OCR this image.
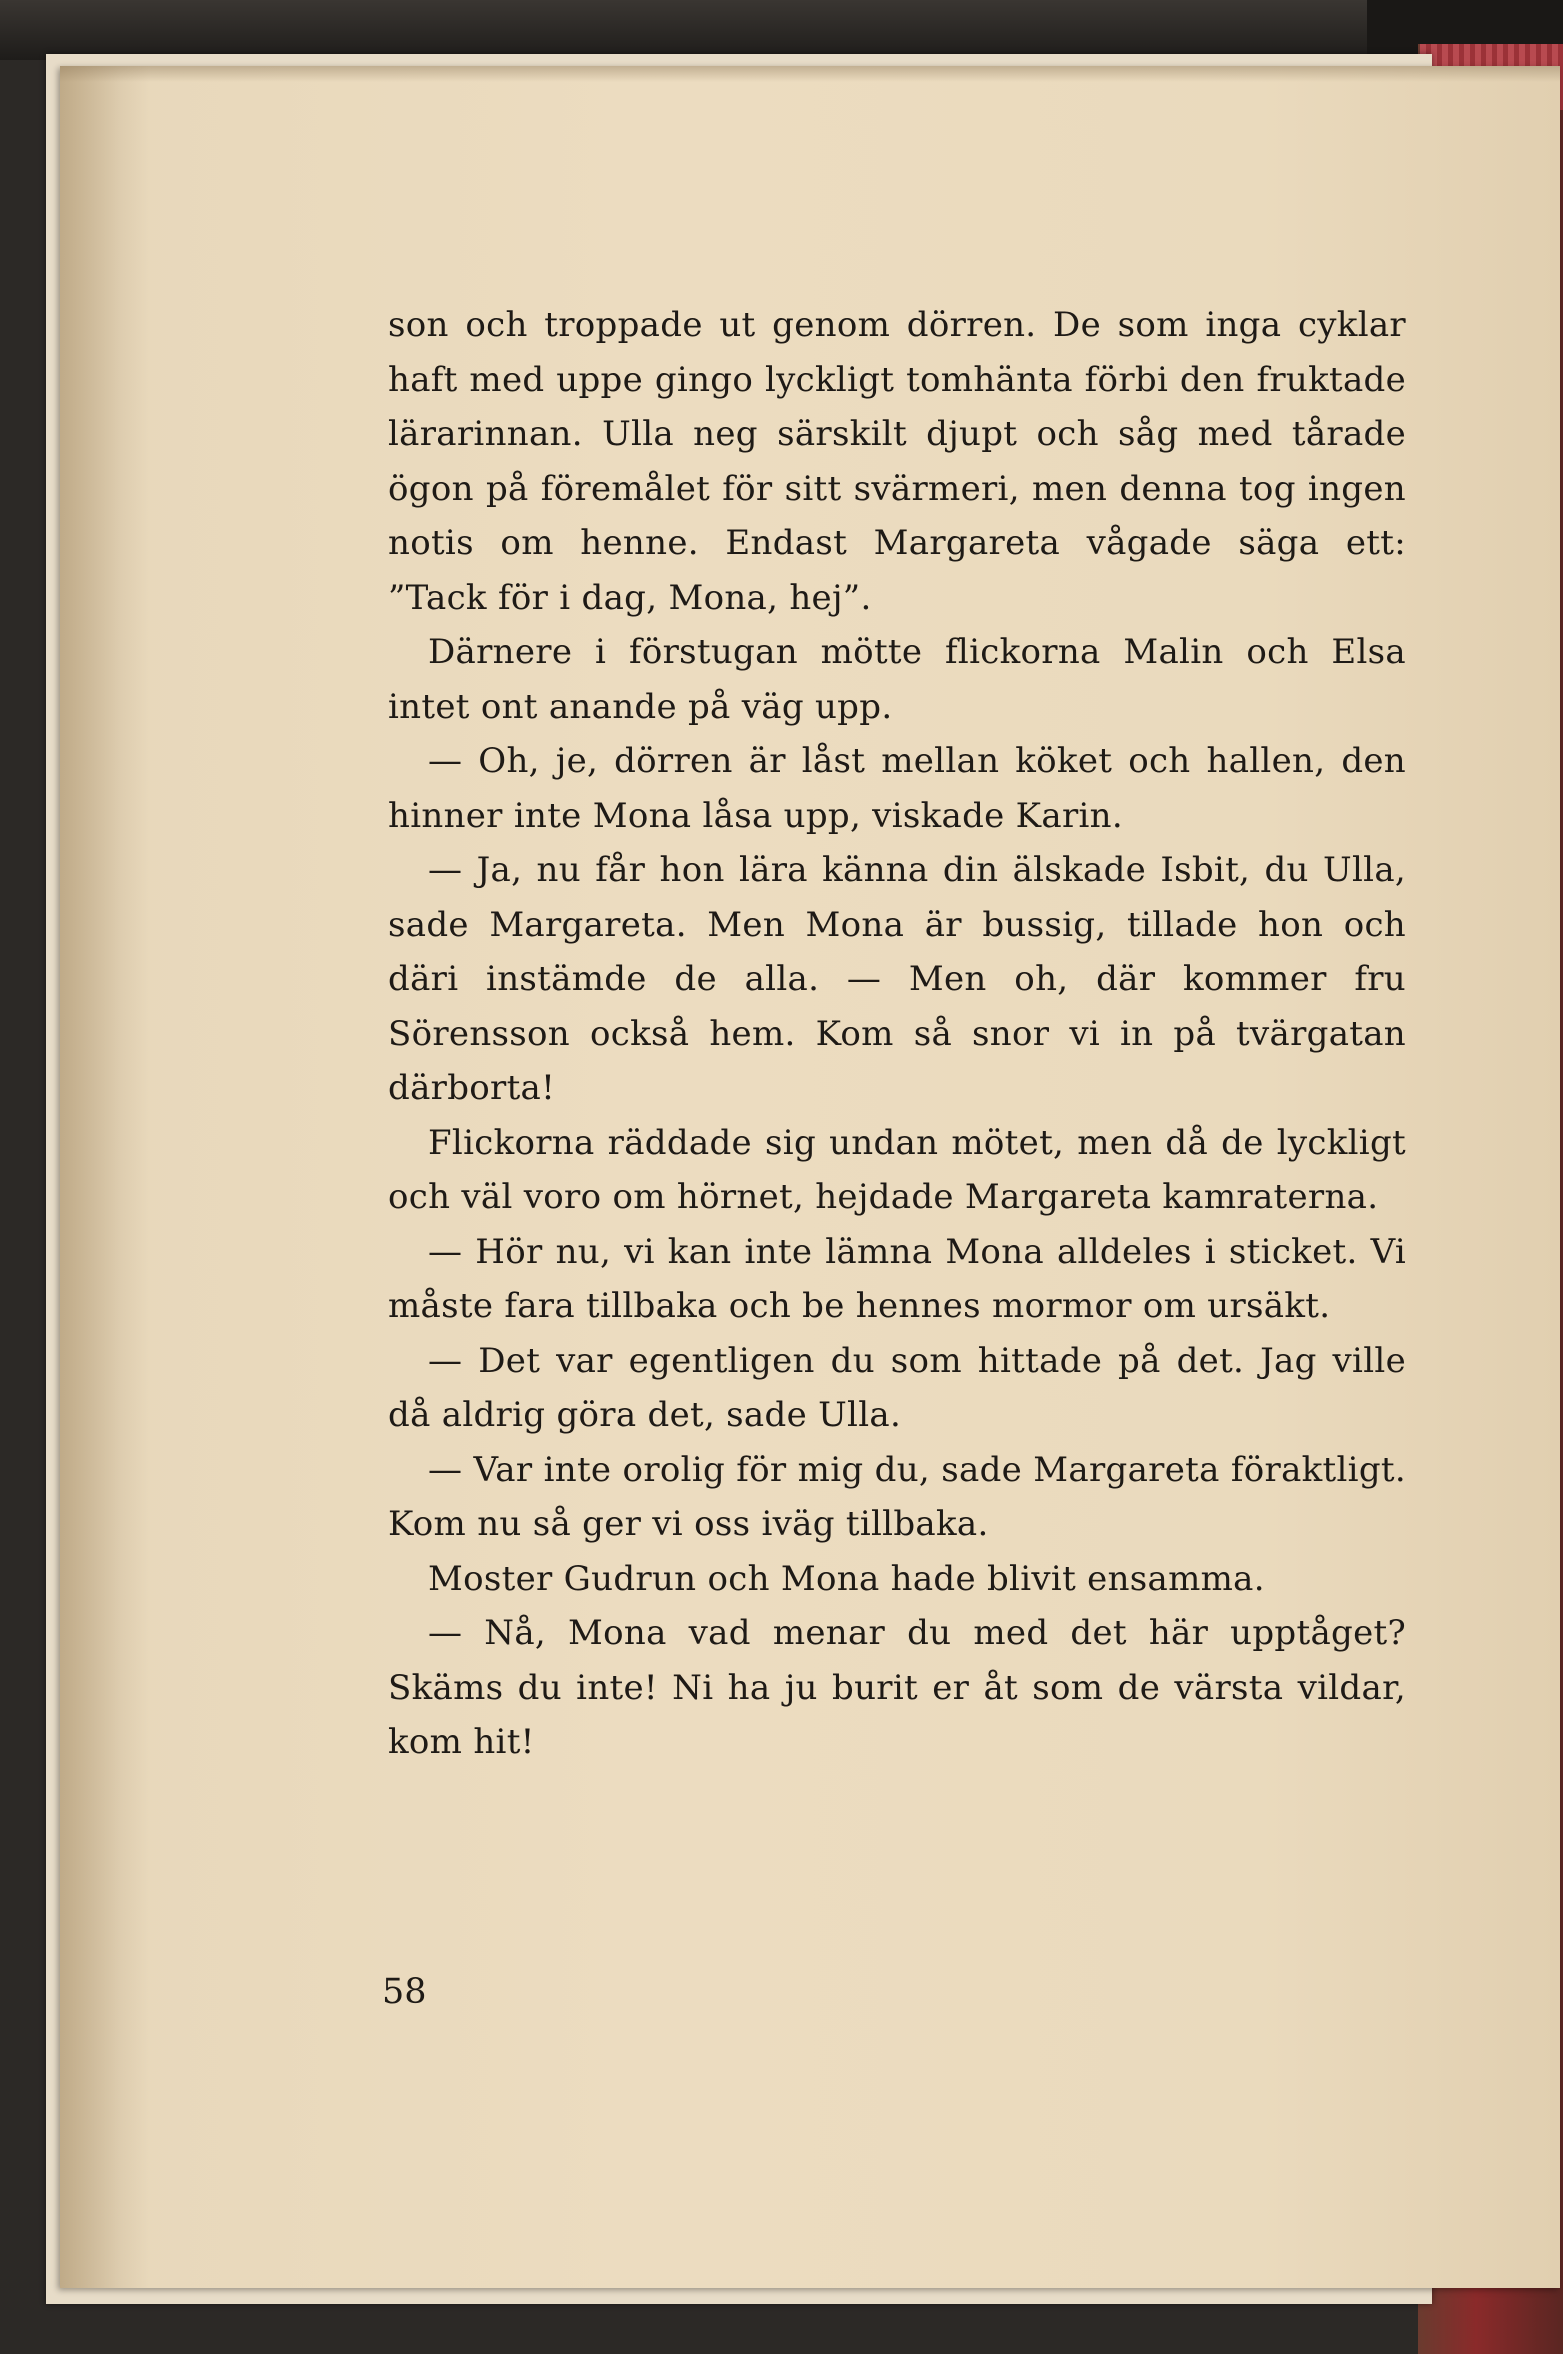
son och troppade ut genom dörren. De som inga cyklar haft med uppe gingo lyckligt tomhänta förbi den fruktade lärarinnan. Ulla neg särskilt djupt och såg med tårade ögon på föremålet för sitt svärmeri, men denna tog ingen notis om henne. Endast Margareta vågade säga ett: ”Tack för i dag, Mona, hej”.

Därnere i förstugan mötte flickorna Malin och Elsa intet ont anande på väg upp.

— Oh, je, dörren är låst mellan köket och hallen, den hinner inte Mona låsa upp, viskade Karin.

— Ja, nu får hon lära känna din älskade Isbit, du Ulla, sade Margareta. Men Mona är bussig, tillade hon och däri instämde de alla. — Men oh, där kommer fru Sörensson också hem. Kom så snor vi in på tvärgatan därborta!

Flickorna räddade sig undan mötet, men då de lyckligt och väl voro om hörnet, hejdade Margareta kamraterna.

— Hör nu, vi kan inte lämna Mona alldeles i sticket. Vi måste fara tillbaka och be hennes mormor om ursäkt.

— Det var egentligen du som hittade på det. Jag ville då aldrig göra det, sade Ulla.

— Var inte orolig för mig du, sade Margareta föraktligt. Kom nu så ger vi oss iväg tillbaka.

Moster Gudrun och Mona hade blivit ensamma.

— Nå, Mona vad menar du med det här upptåget? Skäms du inte! Ni ha ju burit er åt som de värsta vildar, kom hit!

58
